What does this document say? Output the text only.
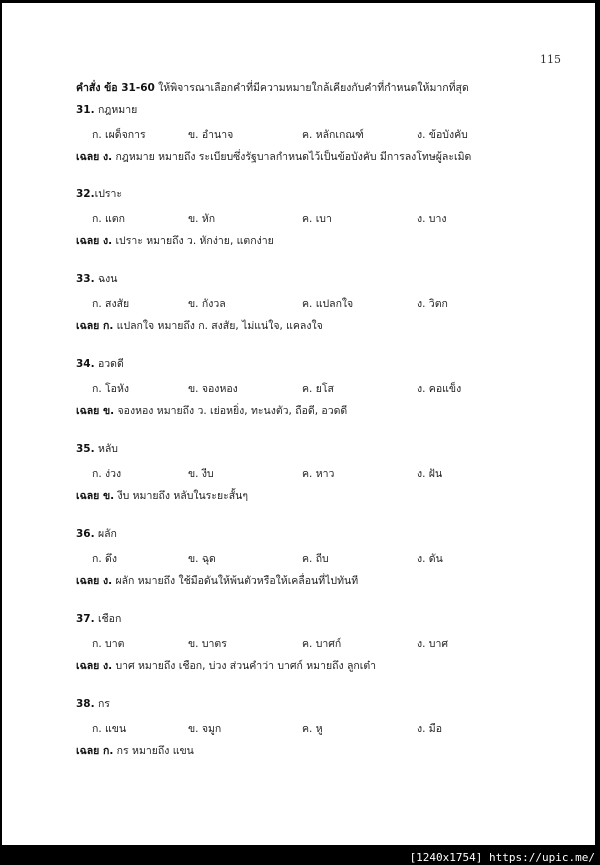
115
คำสั่ง ข้อ 31-60 ให้พิจารณาเลือกคำที่มีความหมายใกล้เคียงกับคำที่กำหนดให้มากที่สุด
31. กฎหมาย
ก. เผด็จการ	ข. อำนาจ	ค. หลักเกณฑ์	ง. ข้อบังคับ
เฉลย ง. กฎหมาย หมายถึง ระเบียบซึ่งรัฐบาลกำหนดไว้เป็นข้อบังคับ มีการลงโทษผู้ละเมิด
32.เปราะ
ก. แตก	ข. หัก	ค. เบา	ง. บาง
เฉลย ง. เปราะ หมายถึง ว. หักง่าย, แตกง่าย
33. ฉงน
ก. สงสัย	ข. กังวล	ค. แปลกใจ	ง. วิตก
เฉลย ก. แปลกใจ หมายถึง ก. สงสัย, ไม่แน่ใจ, แคลงใจ
34. อวดดี
ก. โอหัง	ข. จองหอง	ค. ยโส	ง. คอแข็ง
เฉลย ข. จองหอง หมายถึง ว. เย่อหยิ่ง, ทะนงตัว, ถือดี, อวดดี
35. หลับ
ก. ง่วง	ข. งีบ	ค. หาว	ง. ฝัน
เฉลย ข. งีบ หมายถึง หลับในระยะสั้นๆ
36. ผลัก
ก. ดึง	ข. ฉุด	ค. ถีบ	ง. ดัน
เฉลย ง. ผลัก หมายถึง ใช้มือดันให้พ้นตัวหรือให้เคลื่อนที่ไปทันที
37. เชือก
ก. บาต	ข. บาตร	ค. บาศก์	ง. บาศ
เฉลย ง. บาศ หมายถึง เชือก, บ่วง ส่วนคำว่า บาศก์ หมายถึง ลูกเต๋า
38. กร
ก. แขน	ข. จมูก	ค. หู	ง. มือ
เฉลย ก. กร หมายถึง แขน
[1240x1754] https://upic.me/
